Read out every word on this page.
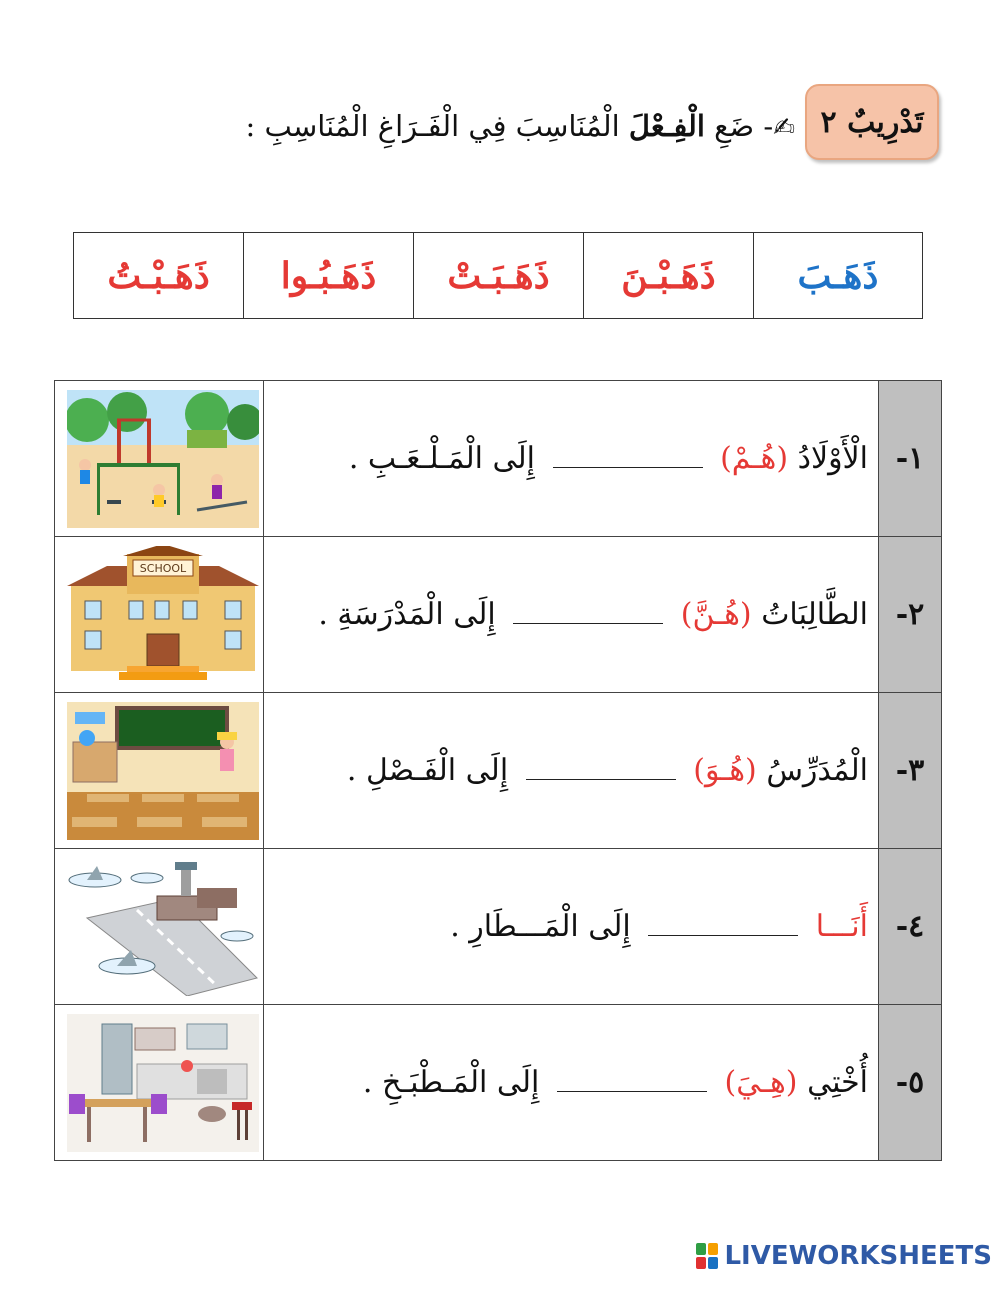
تَدْرِيبٌ ٢
✍- ضَعِ الْفِـعْلَ الْمُنَاسِبَ فِي الْفَـرَاغِ الْمُنَاسِبِ :
ذَهَـبَ	ذَهَـبْـنَ	ذَهَـبَـتْ	ذَهَـبُـوا	ذَهَـبْـتُ
١-	الْأَوْلَادُ (هُـمْ)  إِلَى الْمَـلْـعَـبِ .	

٢-	الطَّالِبَاتُ (هُـنَّ)  إِلَى الْمَدْرَسَةِ .	SCHOOL

٣-	الْمُدَرِّسُ (هُـوَ)  إِلَى الْفَـصْلِ .	

٤-	أَنَـــا  إِلَى الْمَـــطَارِ .	

٥-	أُخْتِي (هِـيَ)  إِلَى الْمَـطْبَـخِ .	
LIVEWORKSHEETS
